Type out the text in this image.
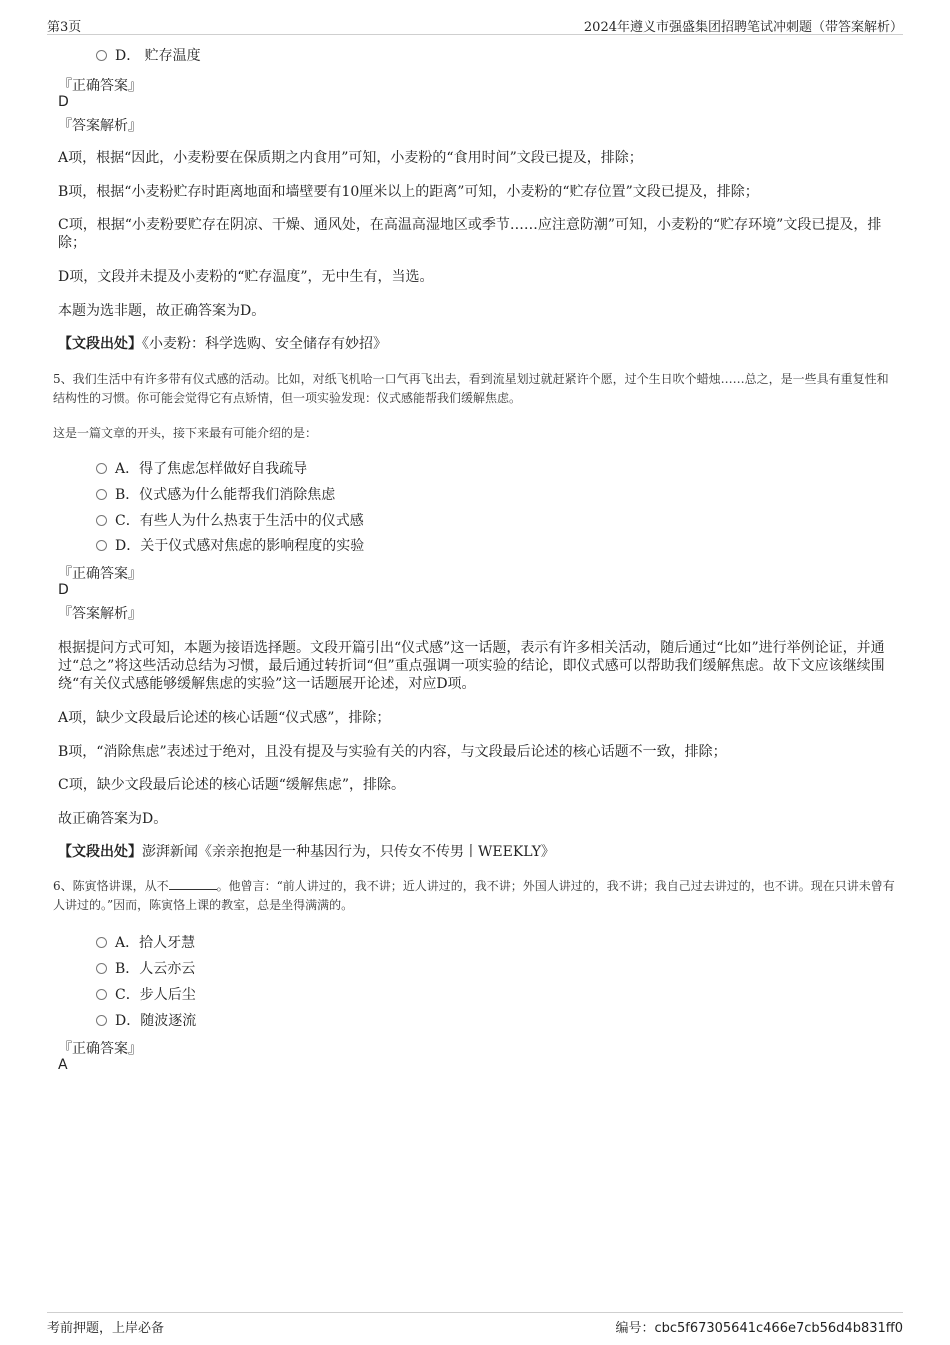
第3页	2024年遵义市强盛集团招聘笔试冲刺题（带答案解析）
D． 贮存温度
『正确答案』
D
『答案解析』
A项，根据“因此，小麦粉要在保质期之内食用”可知，小麦粉的“食用时间”文段已提及，排除；
B项，根据“小麦粉贮存时距离地面和墙壁要有10厘米以上的距离”可知，小麦粉的“贮存位置”文段已提及，排除；
C项，根据“小麦粉要贮存在阴凉、干燥、通风处，在高温高湿地区或季节……应注意防潮”可知，小麦粉的“贮存环境”文段已提及，排除；
D项，文段并未提及小麦粉的“贮存温度”，无中生有，当选。
本题为选非题，故正确答案为D。
【文段出处】《小麦粉：科学选购、安全储存有妙招》
5、我们生活中有许多带有仪式感的活动。比如，对纸飞机哈一口气再飞出去，看到流星划过就赶紧许个愿，过个生日吹个蜡烛……总之，是一些具有重复性和结构性的习惯。你可能会觉得它有点矫情，但一项实验发现：仪式感能帮我们缓解焦虑。
这是一篇文章的开头，接下来最有可能介绍的是：
A．得了焦虑怎样做好自我疏导
B．仪式感为什么能帮我们消除焦虑
C．有些人为什么热衷于生活中的仪式感
D．关于仪式感对焦虑的影响程度的实验
『正确答案』
D
『答案解析』
根据提问方式可知，本题为接语选择题。文段开篇引出“仪式感”这一话题，表示有许多相关活动，随后通过“比如”进行举例论证，并通过“总之”将这些活动总结为习惯，最后通过转折词“但”重点强调一项实验的结论，即仪式感可以帮助我们缓解焦虑。故下文应该继续围绕“有关仪式感能够缓解焦虑的实验”这一话题展开论述，对应D项。
A项，缺少文段最后论述的核心话题“仪式感”，排除；
B项，“消除焦虑”表述过于绝对，且没有提及与实验有关的内容，与文段最后论述的核心话题不一致，排除；
C项，缺少文段最后论述的核心话题“缓解焦虑”，排除。
故正确答案为D。
【文段出处】澎湃新闻《亲亲抱抱是一种基因行为，只传女不传男丨WEEKLY》
6、陈寅恪讲课，从不	。他曾言：“前人讲过的，我不讲；近人讲过的，我不讲；外国人讲过的，我不讲；我自己过去讲过的，也不讲。现在只讲未曾有人讲过的。”因而，陈寅恪上课的教室，总是坐得满满的。
A．拾人牙慧
B．人云亦云
C．步人后尘
D．随波逐流
『正确答案』
A
考前押题，上岸必备	编号：cbc5f67305641c466e7cb56d4b831ff0
